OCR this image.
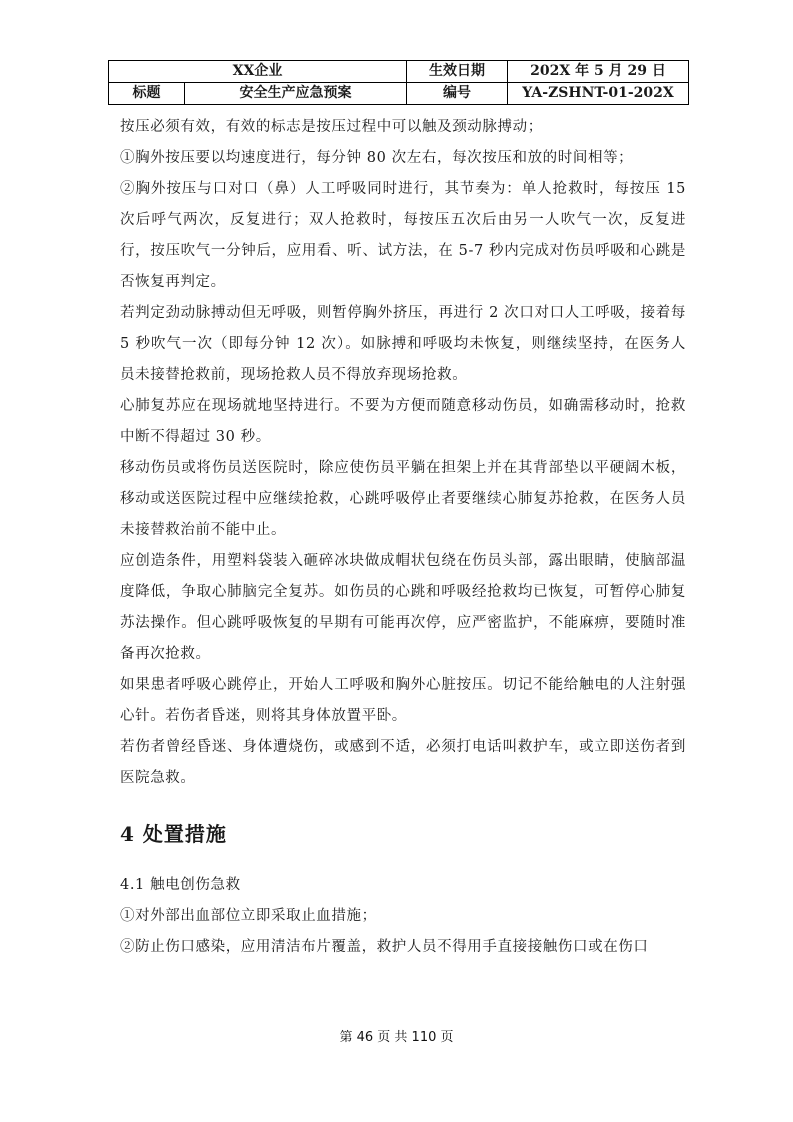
XX企业		生效日期	202X 年 5 月 29 日
标题	安全生产应急预案	编号	YA-ZSHNT-01-202X

按压必须有效，有效的标志是按压过程中可以触及颈动脉搏动；

①胸外按压要以均速度进行，每分钟 80 次左右，每次按压和放的时间相等；

②胸外按压与口对口（鼻）人工呼吸同时进行，其节奏为：单人抢救时，每按压 15 次后呼气两次，反复进行；双人抢救时，每按压五次后由另一人吹气一次，反复进行，按压吹气一分钟后，应用看、听、试方法，在 5-7 秒内完成对伤员呼吸和心跳是否恢复再判定。

若判定劲动脉搏动但无呼吸，则暂停胸外挤压，再进行 2 次口对口人工呼吸，接着每 5 秒吹气一次（即每分钟 12 次）。如脉搏和呼吸均未恢复，则继续坚持，在医务人员未接替抢救前，现场抢救人员不得放弃现场抢救。

心肺复苏应在现场就地坚持进行。不要为方便而随意移动伤员，如确需移动时，抢救中断不得超过 30 秒。

移动伤员或将伤员送医院时，除应使伤员平躺在担架上并在其背部垫以平硬阔木板，移动或送医院过程中应继续抢救，心跳呼吸停止者要继续心肺复苏抢救，在医务人员未接替救治前不能中止。

应创造条件，用塑料袋装入砸碎冰块做成帽状包绕在伤员头部，露出眼睛，使脑部温度降低，争取心肺脑完全复苏。如伤员的心跳和呼吸经抢救均已恢复，可暂停心肺复苏法操作。但心跳呼吸恢复的早期有可能再次停，应严密监护，不能麻痹，要随时准备再次抢救。

如果患者呼吸心跳停止，开始人工呼吸和胸外心脏按压。切记不能给触电的人注射强心针。若伤者昏迷，则将其身体放置平卧。

若伤者曾经昏迷、身体遭烧伤，或感到不适，必须打电话叫救护车，或立即送伤者到医院急救。

4 处置措施

4.1 触电创伤急救

①对外部出血部位立即采取止血措施；

②防止伤口感染，应用清洁布片覆盖，救护人员不得用手直接接触伤口或在伤口

第 46 页 共 110 页
